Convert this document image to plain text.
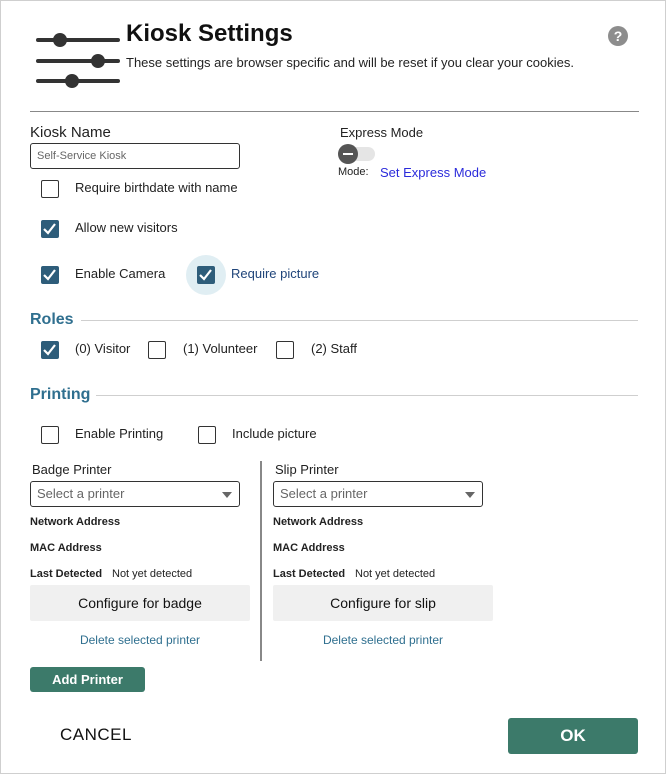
Kiosk Settings
These settings are browser specific and will be reset if you clear your cookies.
?
Kiosk Name
Self-Service Kiosk	Express Mode
Mode: Set Express Mode
Require birthdate with name
Allow new visitors
Enable Camera	Require picture
Roles
(0) Visitor	(1) Volunteer	(2) Staff
Printing
Enable Printing	Include picture
Badge Printer
Select a printer
Network Address
MAC Address
Last Detected Not yet detected
Configure for badge
Delete selected printer
Slip Printer
Select a printer
Network Address
MAC Address
Last Detected Not yet detected
Configure for slip
Delete selected printer
Add Printer
CANCEL	OK
